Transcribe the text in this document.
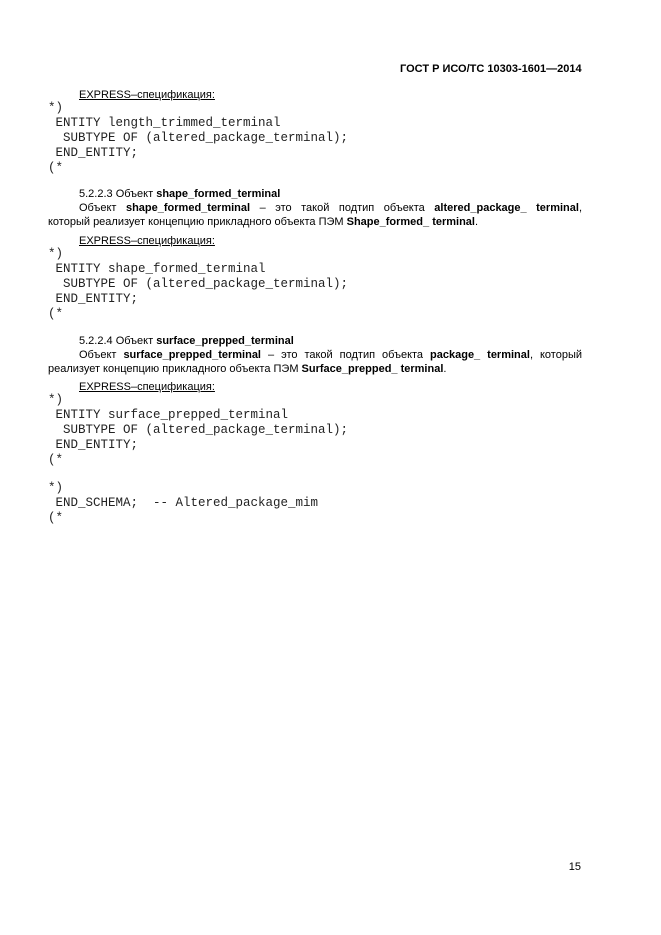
ГОСТ Р ИСО/ТС 10303-1601—2014
EXPRESS–спецификация:
*)
ENTITY length_trimmed_terminal
SUBTYPE OF (altered_package_terminal);
END_ENTITY;
(*
5.2.2.3 Объект shape_formed_terminal
Объект shape_formed_terminal – это такой подтип объекта altered_package_ terminal,
который реализует концепцию прикладного объекта ПЭМ Shape_formed_ terminal.
EXPRESS–спецификация:
*)
ENTITY shape_formed_terminal
SUBTYPE OF (altered_package_terminal);
END_ENTITY;
(*
5.2.2.4 Объект surface_prepped_terminal
Объект surface_prepped_terminal – это такой подтип объекта package_ terminal, который
реализует концепцию прикладного объекта ПЭМ Surface_prepped_ terminal.
EXPRESS–спецификация:
*)
ENTITY surface_prepped_terminal
SUBTYPE OF (altered_package_terminal);
END_ENTITY;
(*
*)
END_SCHEMA;  -- Altered_package_mim
(*
15
